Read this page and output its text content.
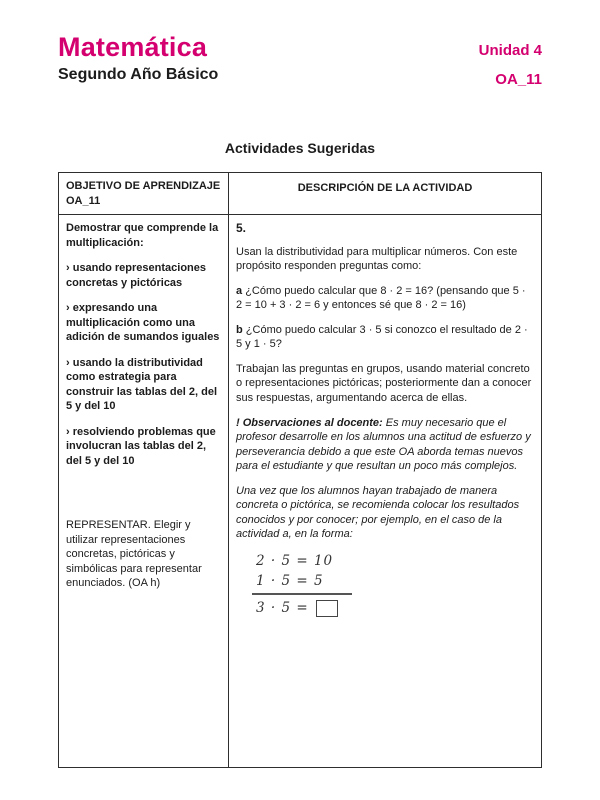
Matemática
Segundo Año Básico
Unidad 4
OA_11
Actividades Sugeridas
OBJETIVO DE APRENDIZAJE OA_11
DESCRIPCIÓN DE LA ACTIVIDAD

Demostrar que comprende la multiplicación:

› usando representaciones concretas y pictóricas

› expresando una multiplicación como una adición de sumandos iguales

› usando la distributividad como estrategia para construir las tablas del 2, del 5 y del 10

› resolviendo problemas que involucran las tablas del 2, del 5 y del 10

REPRESENTAR. Elegir y utilizar representaciones concretas, pictóricas y simbólicas para representar enunciados. (OA h)

5.

Usan la distributividad para multiplicar números. Con este propósito responden preguntas como:

a ¿Cómo puedo calcular que 8 · 2 = 16? (pensando que 5 · 2 = 10 + 3 · 2 = 6 y entonces sé que 8 · 2 = 16)

b ¿Cómo puedo calcular 3 · 5 si conozco el resultado de 2 · 5 y 1 · 5?

Trabajan las preguntas en grupos, usando material concreto o representaciones pictóricas; posteriormente dan a conocer sus respuestas, argumentando acerca de ellas.

! Observaciones al docente: Es muy necesario que el profesor desarrolle en los alumnos una actitud de esfuerzo y perseverancia debido a que este OA aborda temas nuevos para el estudiante y que resultan un poco más complejos.

Una vez que los alumnos hayan trabajado de manera concreta o pictórica, se recomienda colocar los resultados conocidos y por conocer; por ejemplo, en el caso de la actividad a, en la forma:

2 · 5 = 10
1 · 5 = 5
3 · 5 =
